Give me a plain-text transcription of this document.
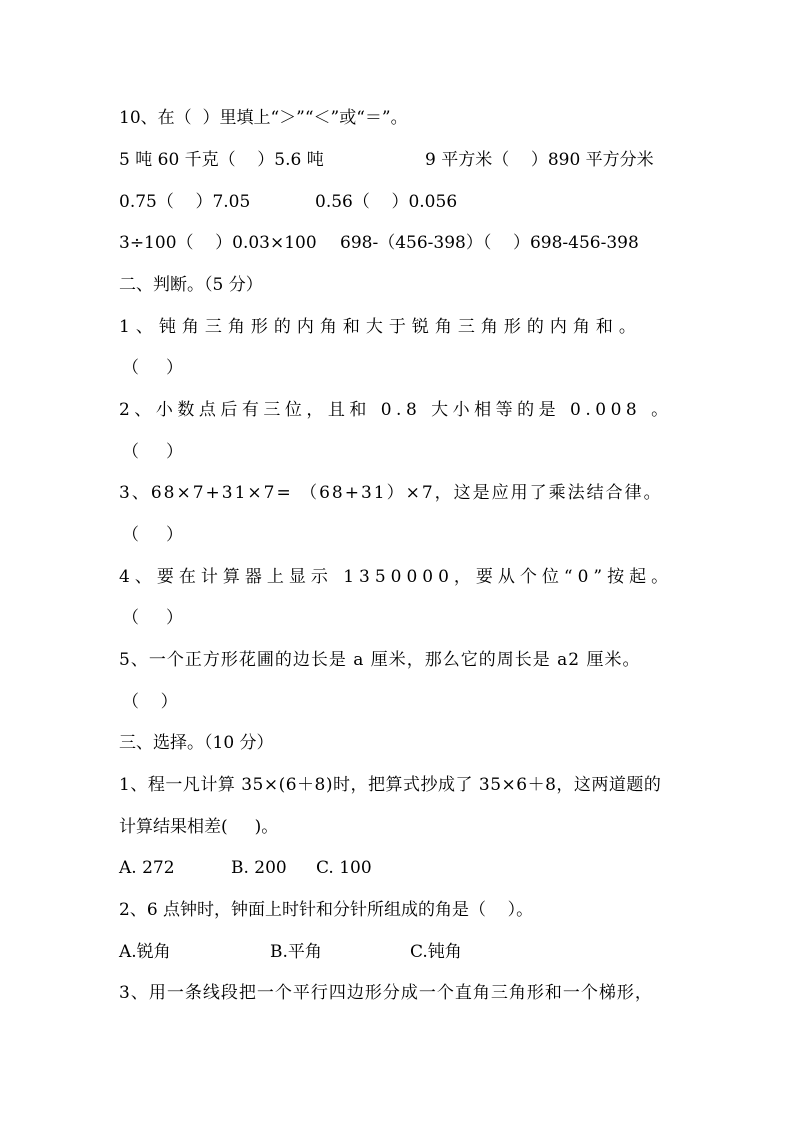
10、在（  ）里填上“＞”“＜”或“＝”。
5 吨 60 千克（    ）5.6 吨	9 平方米（    ）890 平方分米
0.75（    ）7.05	0.56（    ）0.056
3÷100（    ）0.03×100 698-（456-398）（    ）698-456-398
二、判断。（5 分）
1、钝角三角形的内角和大于锐角三角形的内角和。
（     ）
2、小数点后有三位，且和 0.8 大小相等的是 0.008 。
（     ）
3、68×7+31×7= （68+31）×7，这是应用了乘法结合律。
（     ）
4、要在计算器上显示 1350000，要从个位“0”按起。
（     ）
5、一个正方形花圃的边长是 a 厘米，那么它的周长是 a2 厘米。
（    ）
三、选择。（10 分）
1、程一凡计算 35×(6＋8)时，把算式抄成了 35×6＋8，这两道题的
计算结果相差(     )。
A. 272	B. 200 C. 100
2、6 点钟时，钟面上时针和分针所组成的角是（    ）。
A.锐角	B.平角	C.钝角
3、用一条线段把一个平行四边形分成一个直角三角形和一个梯形，
